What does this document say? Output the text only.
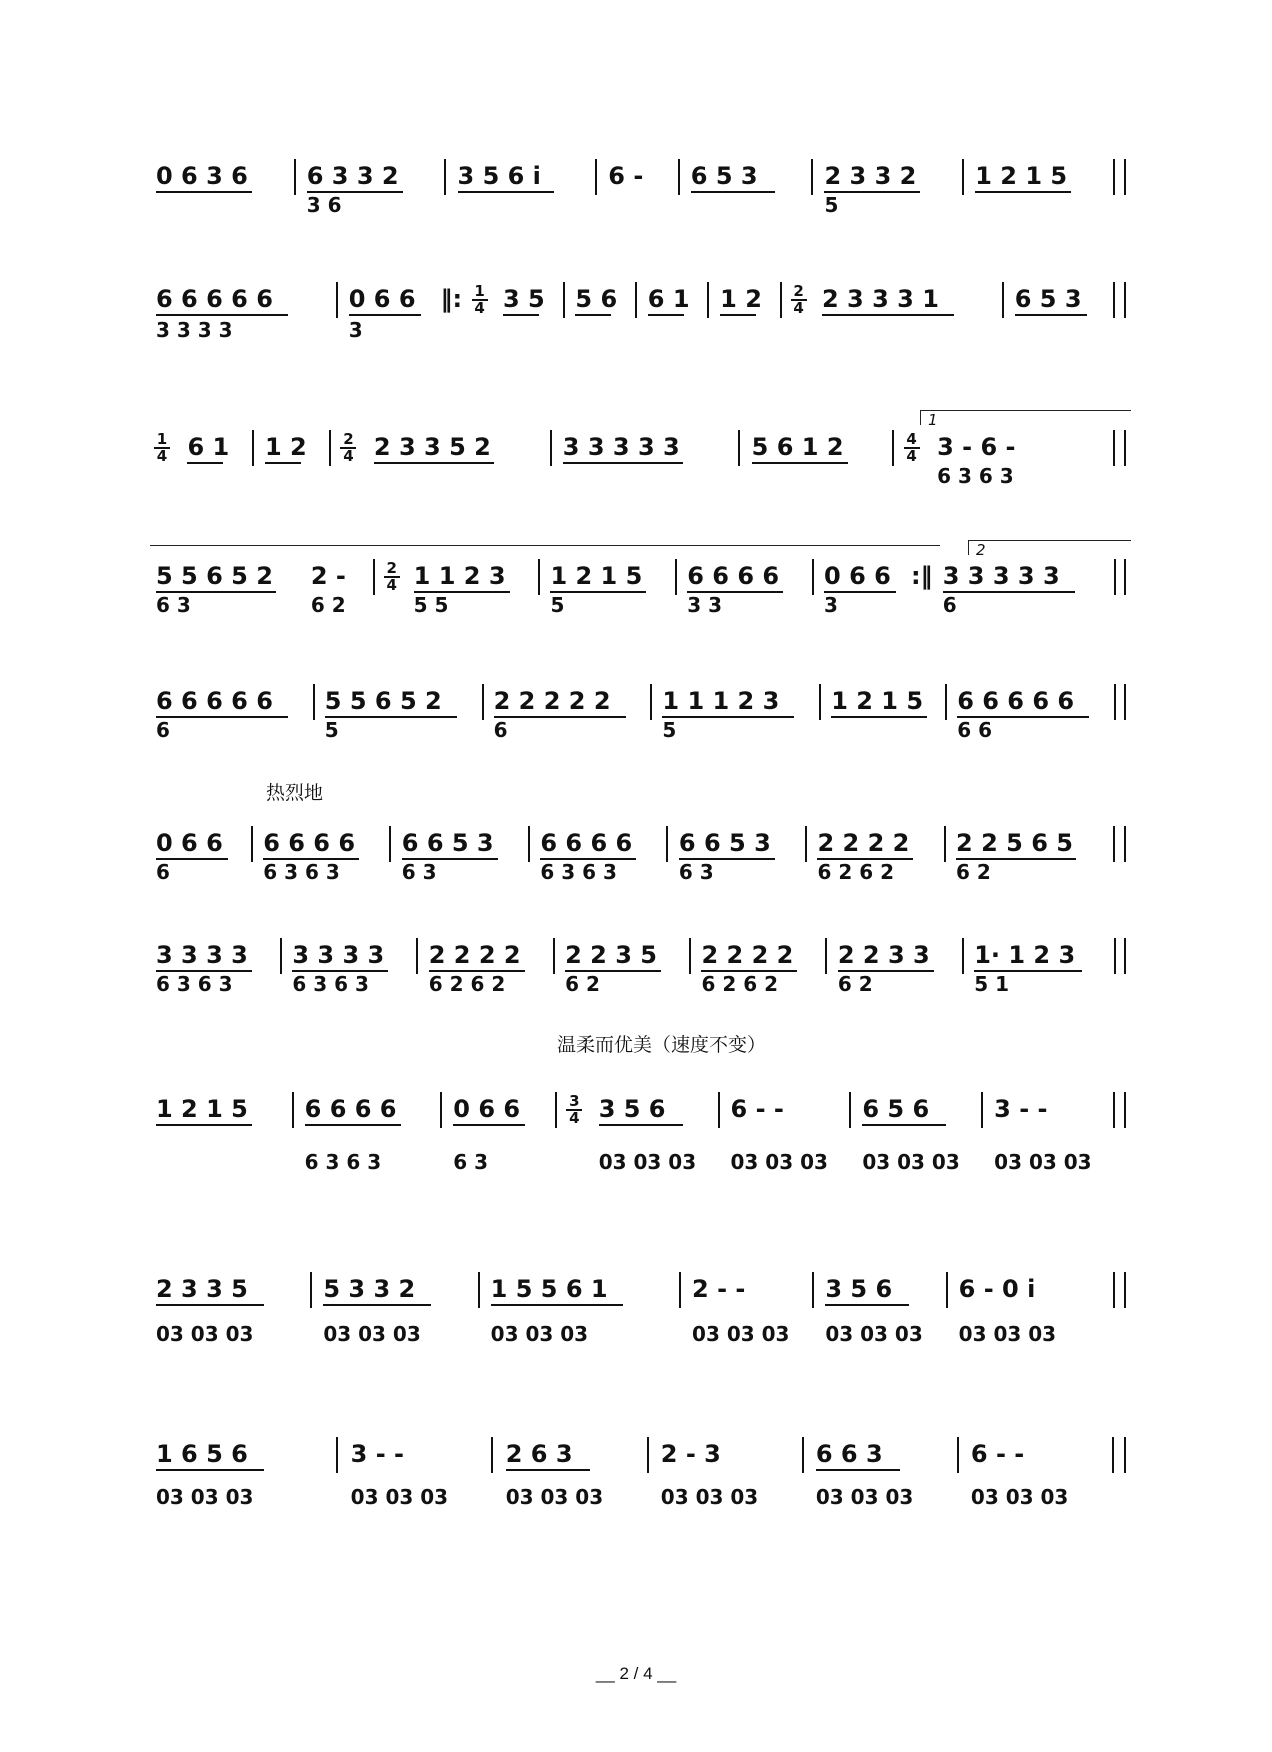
0 6 3 6 6 3 3 2
3 6
3 5 6 i	6 - 6 5 3	2 3 3 2
5
1 2 1 5
6 6 6 6 6
3 3 3 3
0 6 6
3
‖: 1
4 3 5 5 6 6 1 1 2 2
4 2 3 3 3 1	6 5 3
1
4 6 1 1 2 2
4 2 3 3 5 2	3 3 3 3 3	5 6 1 2	4
4 3 - 6 -
6 3 6 3
5 5 6 5 2
6 3
2 -
6 2
2
4 1 1 2 3
5 5
1 2 1 5
5
6 6 6 6
3 3
0 6 6
3
:‖ 3 3 3 3 3
6
6 6 6 6 6
6
5 5 6 5 2
5
2 2 2 2 2
6
1 1 1 2 3
5
1 2 1 5 6 6 6 6 6
6 6
0 6 6
6
6 6 6 6
6 3 6 3
6 6 5 3
6 3
6 6 6 6
6 3 6 3
6 6 5 3
6 3
2 2 2 2
6 2 6 2
2 2 5 6 5
6 2
3 3 3 3
6 3 6 3
3 3 3 3
6 3 6 3
2 2 2 2
6 2 6 2
2 2 3 5
6 2
2 2 2 2
6 2 6 2
2 2 3 3
6 2
1· 1 2 3
5 1
1 2 1 5 6 6 6 6
6 3 6 3
0 6 6
6 3
3
4 3 5 6
03 03 03
6 - -
03 03 03
6 5 6
03 03 03
3 - -
03 03 03
2 3 3 5
03 03 03
5 3 3 2
03 03 03
1 5 5 6 1
03 03 03
2 - -
03 03 03
3 5 6
03 03 03
6 - 0 i
03 03 03
1 6 5 6
03 03 03
3 - -
03 03 03
2 6 3
03 03 03
2 - 3
03 03 03
6 6 3
03 03 03
6 - -
03 03 03
1
2
热烈地
温柔而优美（速度不变）
__ 2 / 4 __
